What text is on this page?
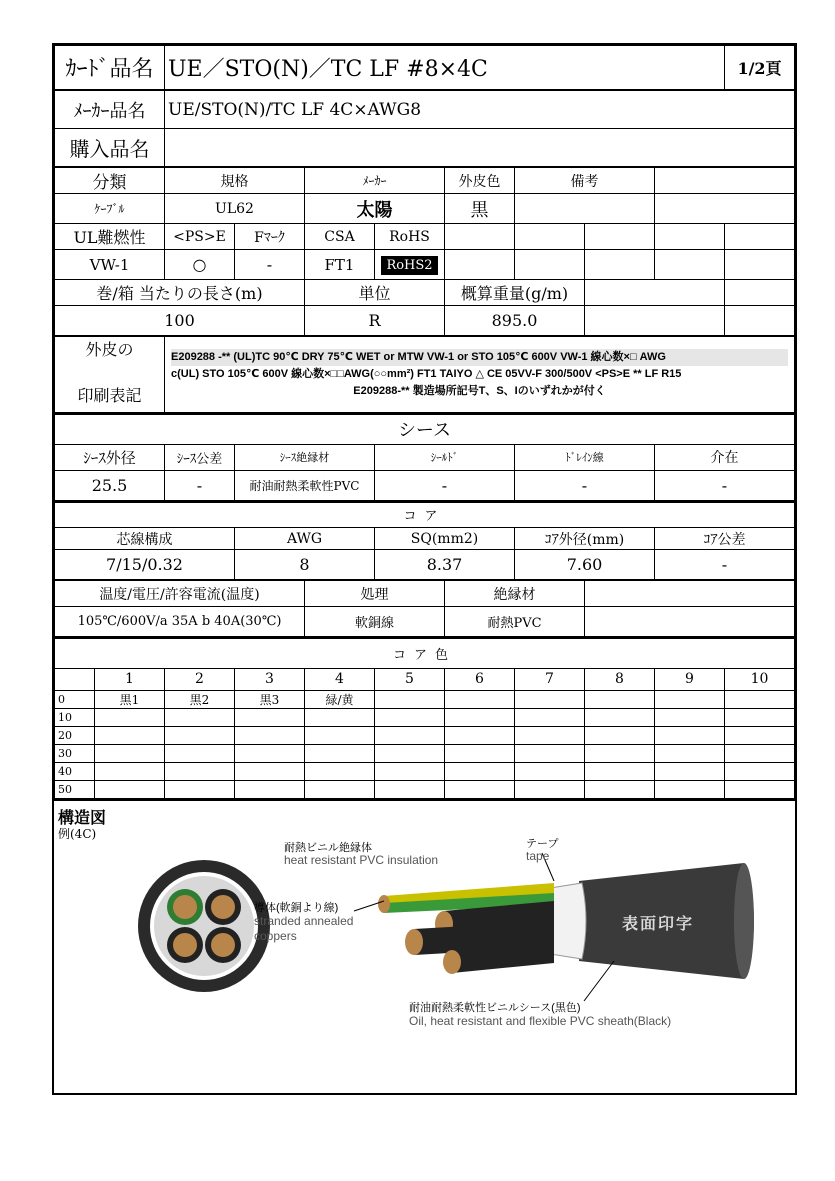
ｶｰﾄﾞ品名	UE／STO(N)／TC LF #8×4C	1/2頁
ﾒｰｶｰ品名	UE/STO(N)/TC LF 4C×AWG8
購入品名	
分類	規格		ﾒｰｶｰ		外皮色	備考			
ｹｰﾌﾞﾙ	UL62		太陽		黒				
UL難燃性	<PS>E	Fﾏｰｸ	CSA	RoHS					
VW-1	○	-	FT1	RoHS2					
巻/箱 当たりの長さ(m)			単位		概算重量(g/m)				
100			R		895.0				
外皮の
印刷表記

E209288 -** (UL)TC 90℃ DRY 75℃ WET or MTW VW-1 or STO 105℃ 600V VW-1 線心数×□ AWG
c(UL) STO 105℃ 600V 線心数×□□AWG(○○mm²) FT1 TAIYO △ CE 05VV-F 300/500V <PS>E ** LF R15
E209288-** 製造場所記号T、S、Iのいずれかが付く
シース					
ｼｰｽ外径	ｼｰｽ公差	ｼｰｽ絶縁材	ｼｰﾙﾄﾞ	ﾄﾞﾚｲﾝ線	介在
25.5	-	耐油耐熱柔軟性PVC	-	-	-
コア				
芯線構成	AWG	SQ(mm2)	ｺｱ外径(mm)	ｺｱ公差
7/15/0.32	8	8.37	7.60	-
温度/電圧/許容電流(温度)	処理	絶縁材	
105℃/600V/a 35A b 40A(30℃)	軟銅線	耐熱PVC	
コア色										
	1	2	3	4	5	6	7	8	9	10
0	黒1	黒2	黒3	緑/黄						
10										
20										
30										
40										
50										
構造図
例(4C)
耐熱ビニル絶縁体
heat resistant PVC insulation
テープ
tape
導体(軟銅より線)
stranded annealed
coppers
表面印字
耐油耐熱柔軟性ビニルシース(黒色)
Oil, heat resistant and flexible PVC sheath(Black)
